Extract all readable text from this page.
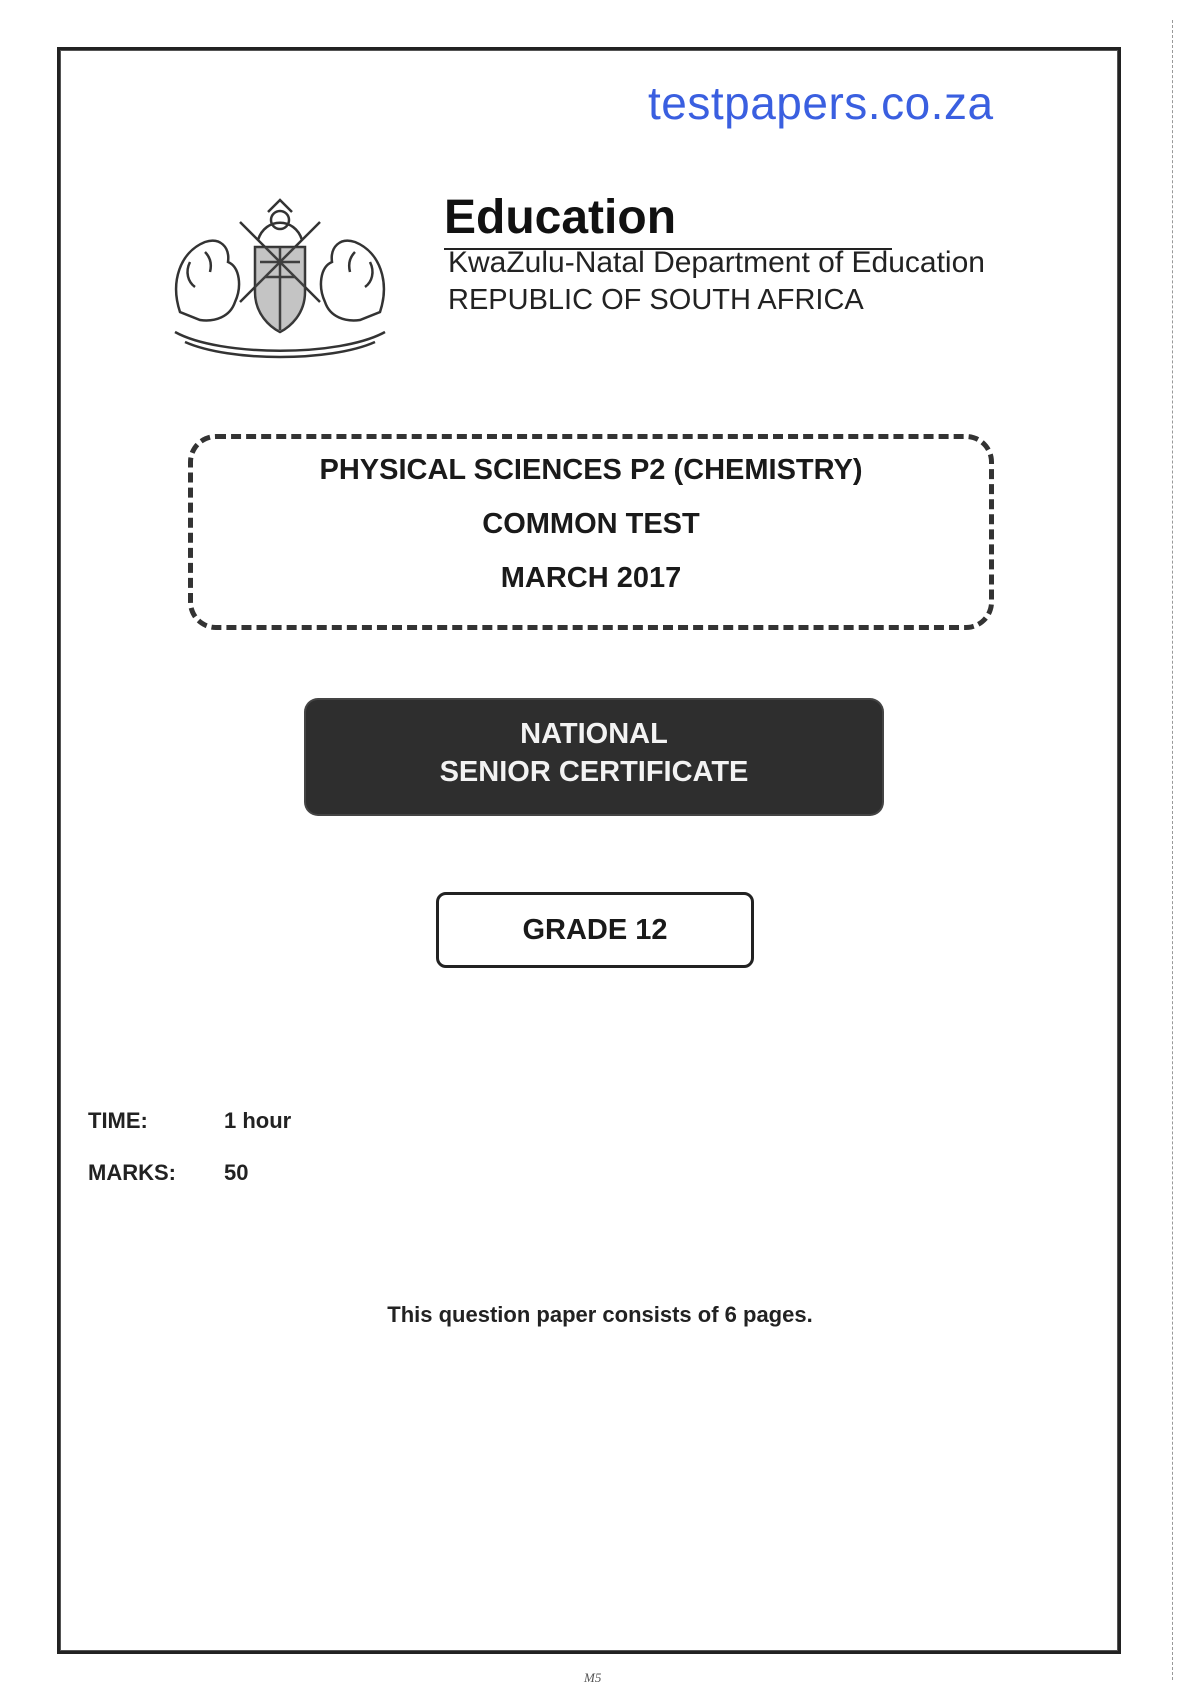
testpapers.co.za
Education
KwaZulu-Natal Department of Education
REPUBLIC OF SOUTH AFRICA
PHYSICAL SCIENCES P2 (CHEMISTRY)
COMMON TEST
MARCH 2017
NATIONAL
SENIOR CERTIFICATE
GRADE 12
TIME:	1 hour
MARKS: 50
This question paper consists of 6 pages.
M5
